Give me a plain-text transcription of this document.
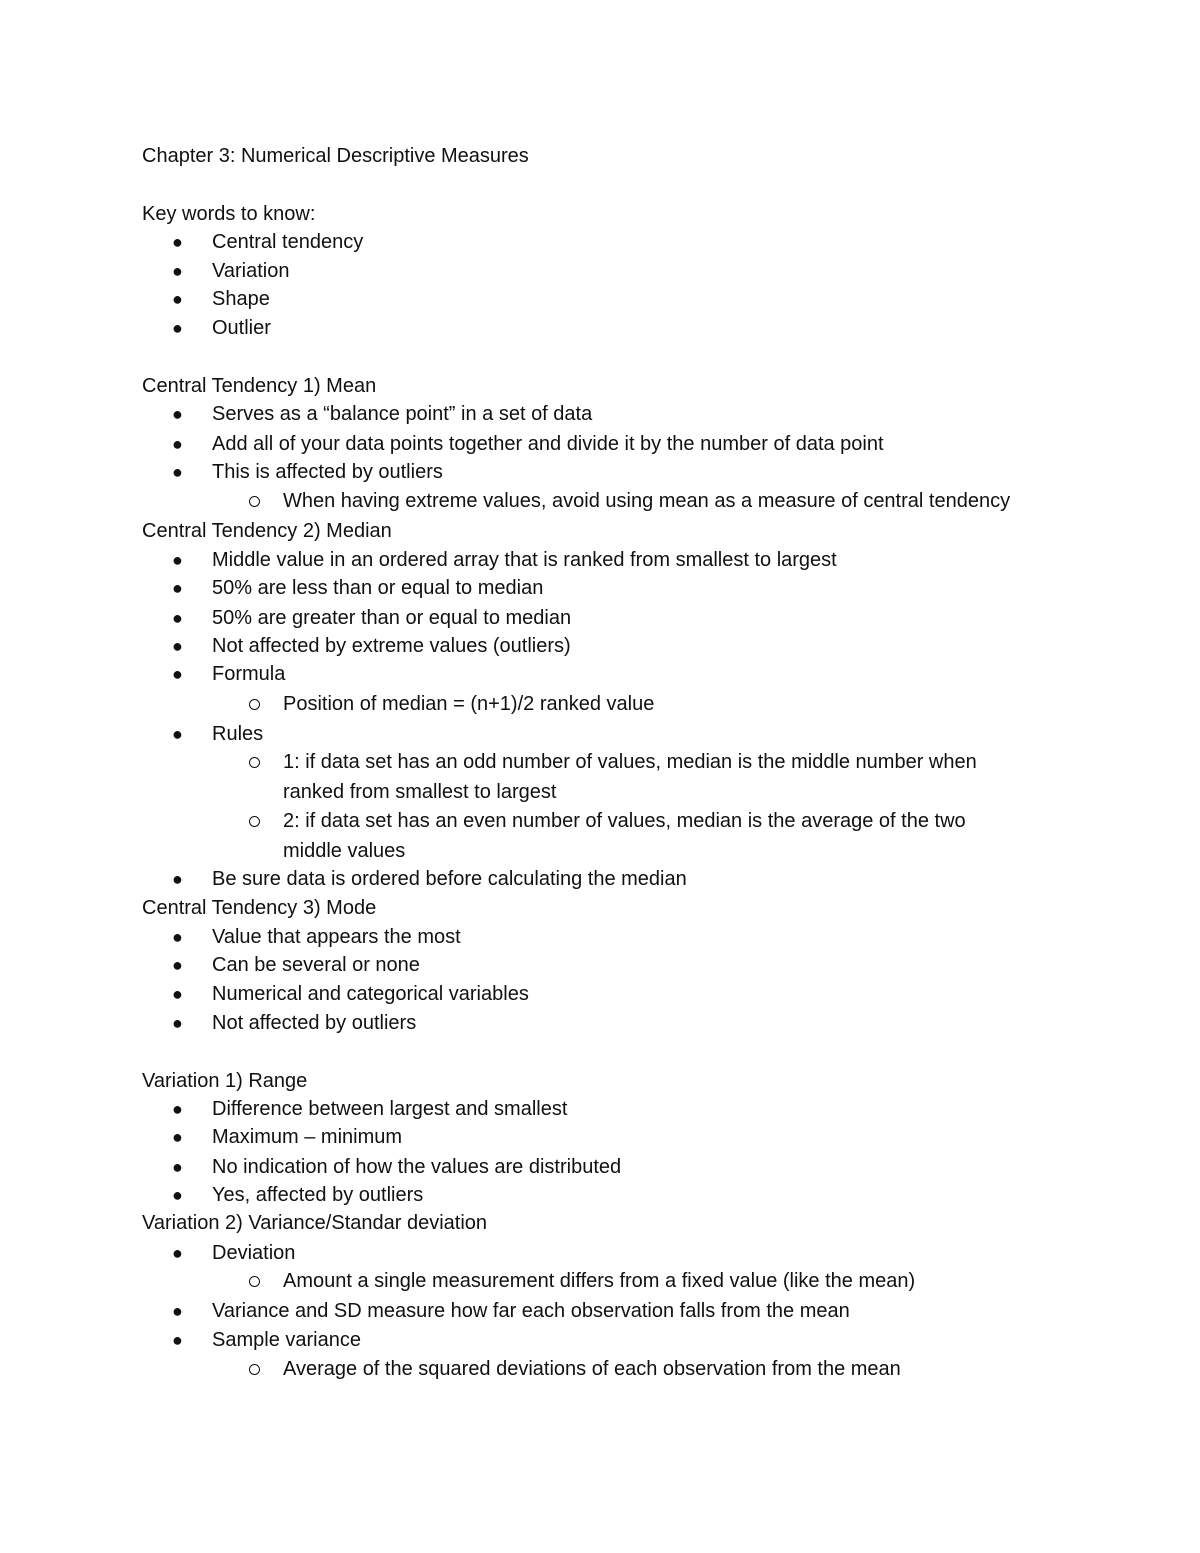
Chapter 3: Numerical Descriptive Measures

Key words to know:

● Central tendency

● Variation

● Shape

● Outlier

Central Tendency 1) Mean

● Serves as a “balance point” in a set of data

● Add all of your data points together and divide it by the number of data point

● This is affected by outliers

When having extreme values, avoid using mean as a measure of central tendency

Central Tendency 2) Median

● Middle value in an ordered array that is ranked from smallest to largest

● 50% are less than or equal to median

● 50% are greater than or equal to median

● Not affected by extreme values (outliers)

● Formula

Position of median = (n+1)/2 ranked value

● Rules

1: if data set has an odd number of values, median is the middle number when

ranked from smallest to largest

2: if data set has an even number of values, median is the average of the two

middle values

● Be sure data is ordered before calculating the median

Central Tendency 3) Mode

● Value that appears the most

● Can be several or none

● Numerical and categorical variables

● Not affected by outliers

Variation 1) Range

● Difference between largest and smallest

● Maximum – minimum

● No indication of how the values are distributed

● Yes, affected by outliers

Variation 2) Variance/Standar deviation

● Deviation

Amount a single measurement differs from a fixed value (like the mean)

● Variance and SD measure how far each observation falls from the mean

● Sample variance

Average of the squared deviations of each observation from the mean
